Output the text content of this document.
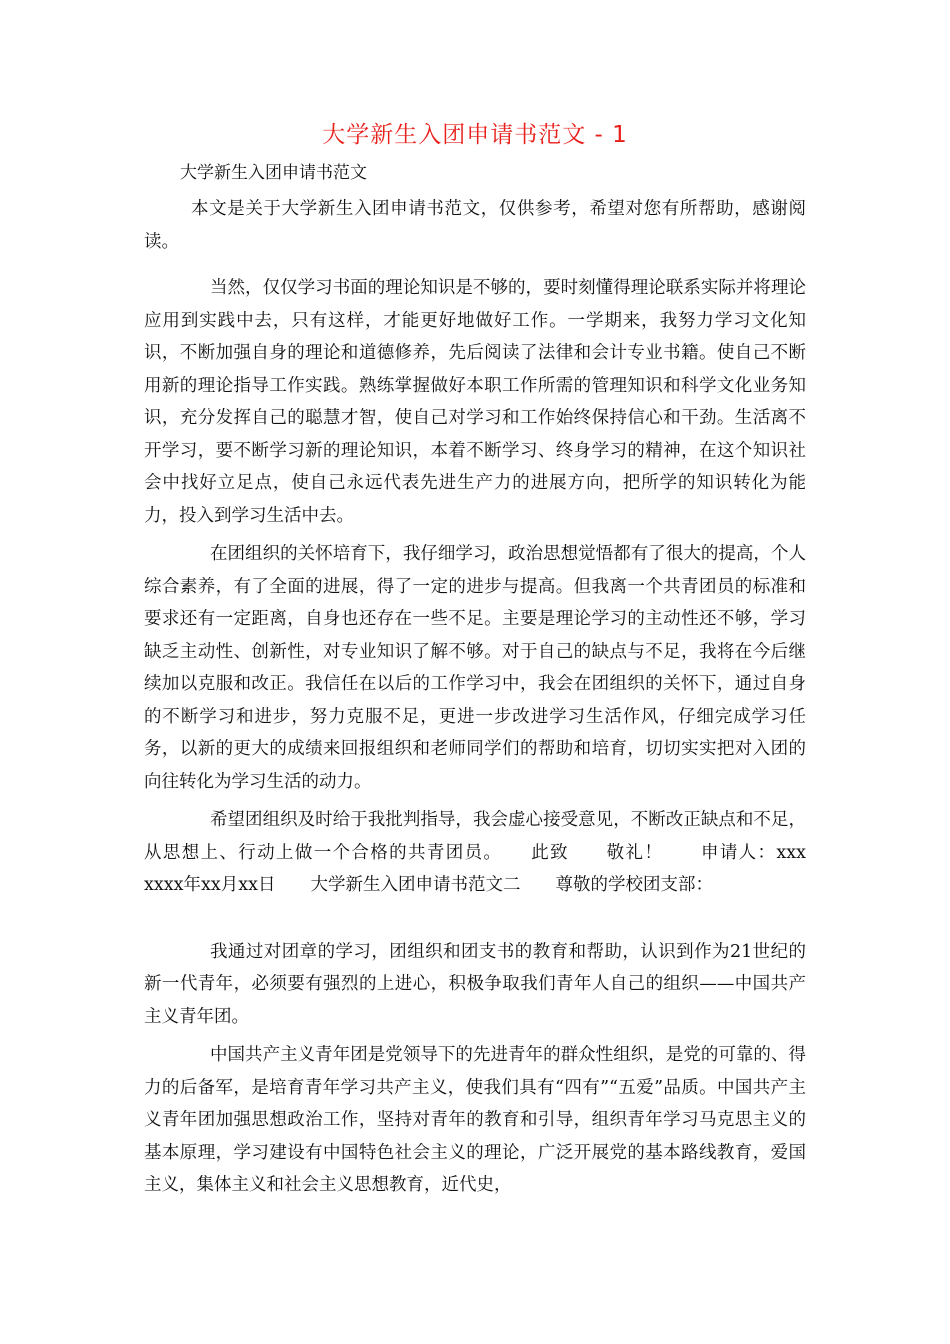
大学新生入团申请书范文 - 1
大学新生入团申请书范文

本文是关于大学新生入团申请书范文，仅供参考，希望对您有所帮助，感谢阅读。

当然，仅仅学习书面的理论知识是不够的，要时刻懂得理论联系实际并将理论应用到实践中去，只有这样，才能更好地做好工作。一学期来，我努力学习文化知识，不断加强自身的理论和道德修养，先后阅读了法律和会计专业书籍。使自己不断用新的理论指导工作实践。熟练掌握做好本职工作所需的管理知识和科学文化业务知识，充分发挥自己的聪慧才智，使自己对学习和工作始终保持信心和干劲。生活离不开学习，要不断学习新的理论知识，本着不断学习、终身学习的精神，在这个知识社会中找好立足点，使自己永远代表先进生产力的进展方向，把所学的知识转化为能力，投入到学习生活中去。

在团组织的关怀培育下，我仔细学习，政治思想觉悟都有了很大的提高，个人综合素养，有了全面的进展，得了一定的进步与提高。但我离一个共青团员的标准和要求还有一定距离，自身也还存在一些不足。主要是理论学习的主动性还不够，学习缺乏主动性、创新性，对专业知识了解不够。对于自己的缺点与不足，我将在今后继续加以克服和改正。我信任在以后的工作学习中，我会在团组织的关怀下，通过自身的不断学习和进步，努力克服不足，更进一步改进学习生活作风，仔细完成学习任务，以新的更大的成绩来回报组织和老师同学们的帮助和培育，切切实实把对入团的向往转化为学习生活的动力。

希望团组织及时给于我批判指导，我会虚心接受意见，不断改正缺点和不足，从思想上、行动上做一个合格的共青团员。　　此致　　敬礼！　　申请人：xxx　　xxxx年xx月xx日　　大学新生入团申请书范文二　　尊敬的学校团支部：

我通过对团章的学习，团组织和团支书的教育和帮助，认识到作为21世纪的新一代青年，必须要有强烈的上进心，积极争取我们青年人自己的组织——中国共产主义青年团。

中国共产主义青年团是党领导下的先进青年的群众性组织，是党的可靠的、得力的后备军，是培育青年学习共产主义，使我们具有“四有”“五爱”品质。中国共产主义青年团加强思想政治工作，坚持对青年的教育和引导，组织青年学习马克思主义的基本原理，学习建设有中国特色社会主义的理论，广泛开展党的基本路线教育，爱国主义，集体主义和社会主义思想教育，近代史，
